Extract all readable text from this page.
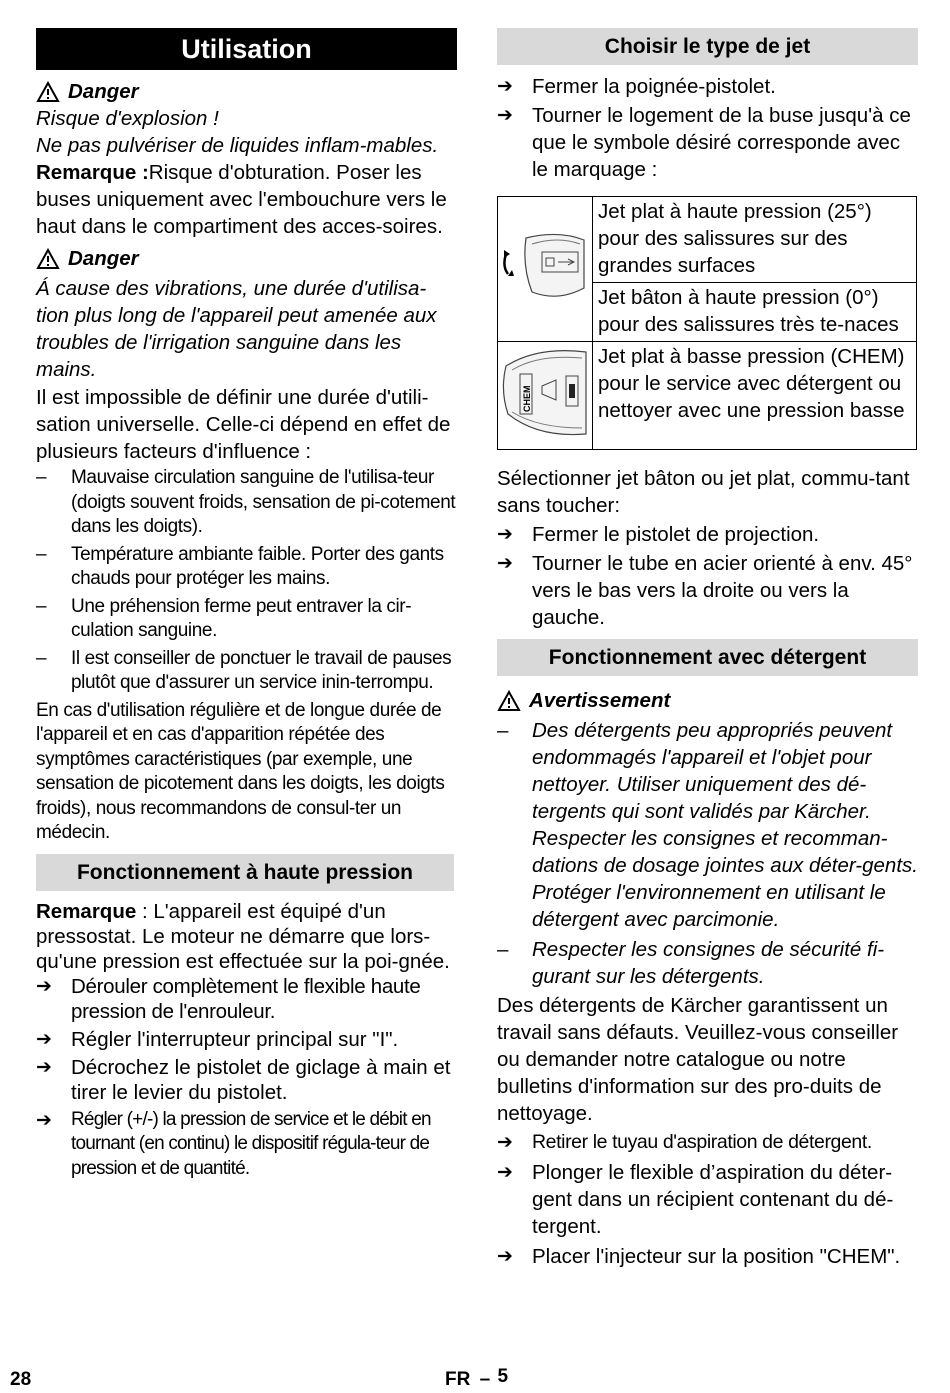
Utilisation
Danger

Risque d'explosion !

Ne pas pulvériser de liquides inflam-mables.

Remarque :Risque d'obturation. Poser les buses uniquement avec l'embouchure vers le haut dans le compartiment des acces-soires.

Danger

Á cause des vibrations, une durée d'utilisa-tion plus long de l'appareil peut amenée aux troubles de l'irrigation sanguine dans les mains.

Il est impossible de définir une durée d'utili-sation universelle. Celle-ci dépend en effet de plusieurs facteurs d'influence :

–	Mauvaise circulation sanguine de l'utilisa-teur (doigts souvent froids, sensation de pi-cotement dans les doigts).
–	Température ambiante faible. Porter des gants chauds pour protéger les mains.
–	Une préhension ferme peut entraver la cir-culation sanguine.
–	Il est conseiller de ponctuer le travail de pauses plutôt que d'assurer un service inin-terrompu.

En cas d'utilisation régulière et de longue durée de l'appareil et en cas d'apparition répétée des symptômes caractéristiques (par exemple, une sensation de picotement dans les doigts, les doigts froids), nous recommandons de consul-ter un médecin.

Fonctionnement à haute pression

Remarque : L'appareil est équipé d'un pressostat. Le moteur ne démarre que lors-qu'une pression est effectuée sur la poi-gnée.

➔ Dérouler complètement le flexible haute pression de l'enrouleur.
➔ Régler l'interrupteur principal sur "I".
➔ Décrochez le pistolet de giclage à main et tirer le levier du pistolet.
➔	Régler (+/-) la pression de service et le débit en tournant (en continu) le dispositif régula-teur de pression et de quantité.
Choisir le type de jet
➔ Fermer la poignée-pistolet.
➔ Tourner le logement de la buse jusqu'à ce que le symbole désiré corresponde avec le marquage :
	Jet plat à haute pression (25°) pour des salissures sur des grandes surfaces
	Jet bâton à haute pression (0°) pour des salissures très te-naces

CHEM	Jet plat à basse pression (CHEM) pour le service avec détergent ou nettoyer avec une pression basse

Sélectionner jet bâton ou jet plat, commu-tant sans toucher:

➔ Fermer le pistolet de projection.
➔ Tourner le tube en acier orienté à env. 45° vers le bas vers la droite ou vers la gauche.
Fonctionnement avec détergent
Avertissement
–	Des détergents peu appropriés peuvent endommagés l'appareil et l'objet pour nettoyer. Utiliser uniquement des dé-tergents qui sont validés par Kärcher. Respecter les consignes et recomman-dations de dosage jointes aux déter-gents. Protéger l'environnement en utilisant le détergent avec parcimonie.
–	Respecter les consignes de sécurité fi-gurant sur les détergents.

Des détergents de Kärcher garantissent un travail sans défauts. Veuillez-vous conseiller ou demander notre catalogue ou notre bulletins d'information sur des pro-duits de nettoyage.

➔ Retirer le tuyau d'aspiration de détergent.
➔ Plonger le flexible d’aspiration du déter-gent dans un récipient contenant du dé-tergent.
➔ Placer l'injecteur sur la position "CHEM".
28	FR – 5
